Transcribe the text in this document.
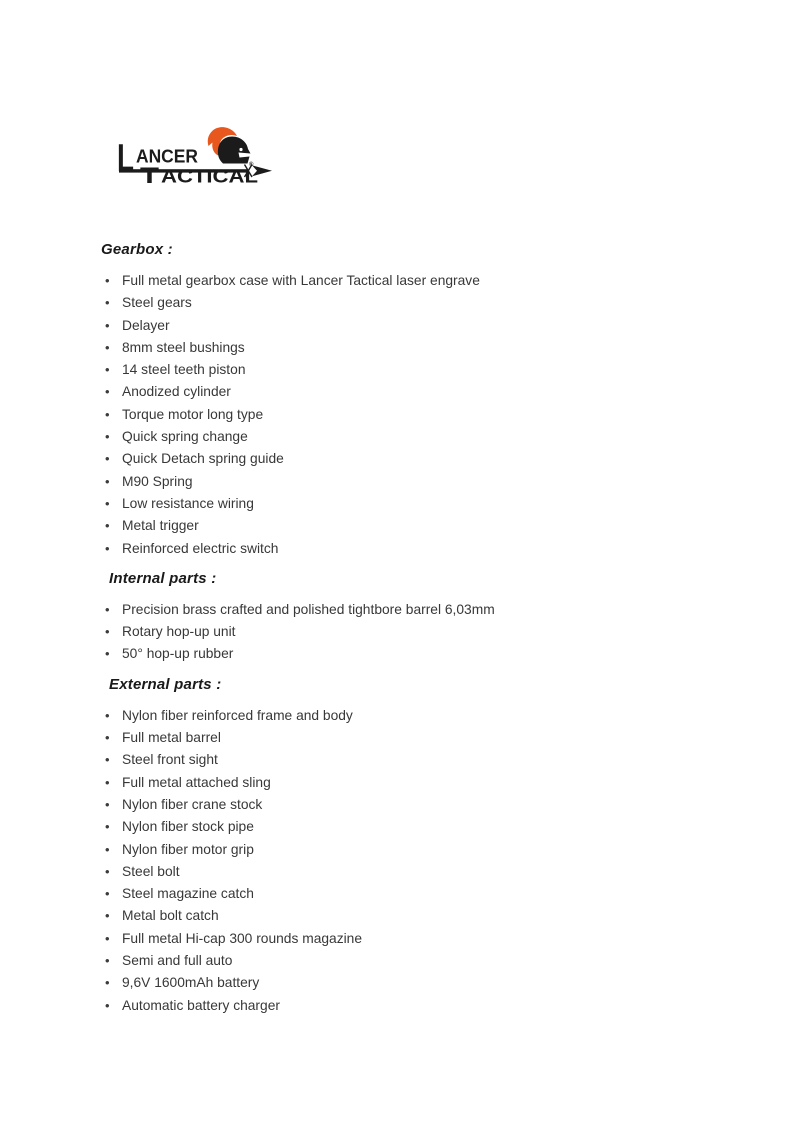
L ANCER
T ACTICAL
®
Gearbox :
• Full metal gearbox case with Lancer Tactical laser engrave
• Steel gears
• Delayer
• 8mm steel bushings
• 14 steel teeth piston
• Anodized cylinder
• Torque motor long type
• Quick spring change
• Quick Detach spring guide
• M90 Spring
• Low resistance wiring
• Metal trigger
• Reinforced electric switch
Internal parts :
• Precision brass crafted and polished tightbore barrel 6,03mm
• Rotary hop-up unit
• 50° hop-up rubber
External parts :
• Nylon fiber reinforced frame and body
• Full metal barrel
• Steel front sight
• Full metal attached sling
• Nylon fiber crane stock
• Nylon fiber stock pipe
• Nylon fiber motor grip
• Steel bolt
• Steel magazine catch
• Metal bolt catch
• Full metal Hi-cap 300 rounds magazine
• Semi and full auto
• 9,6V 1600mAh battery
• Automatic battery charger
